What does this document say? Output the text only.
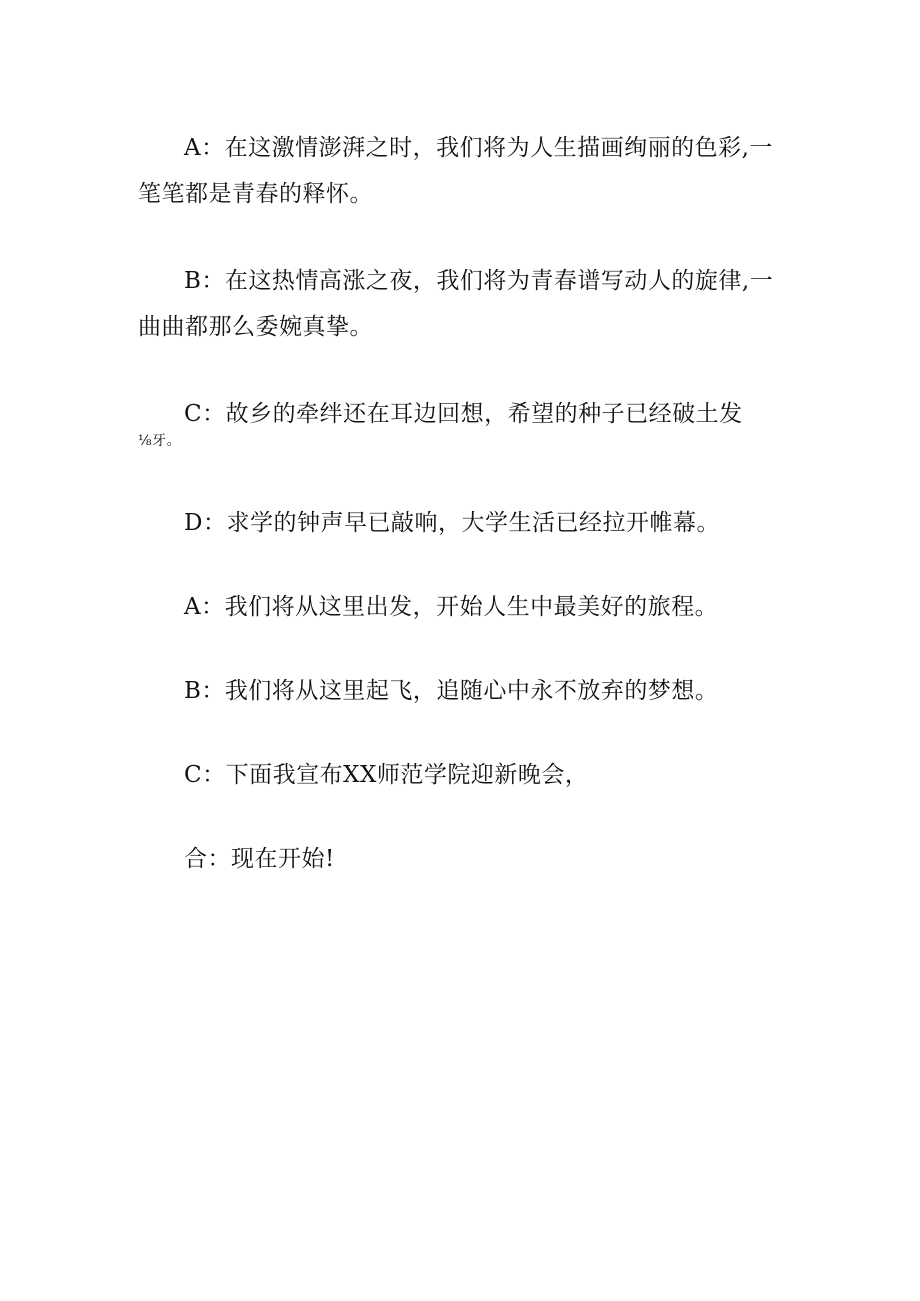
A：在这激情澎湃之时，我们将为人生描画绚丽的色彩,一
笔笔都是青春的释怀。

B：在这热情高涨之夜，我们将为青春谱写动人的旋律,一
曲曲都那么委婉真挚。

C：故乡的牵绊还在耳边回想，希望的种子已经破土发
⅛牙。

D：求学的钟声早已敲响，大学生活已经拉开帷幕。

A：我们将从这里出发，开始人生中最美好的旅程。

B：我们将从这里起飞，追随心中永不放弃的梦想。

C：下面我宣布XX师范学院迎新晚会，

合：现在开始!
